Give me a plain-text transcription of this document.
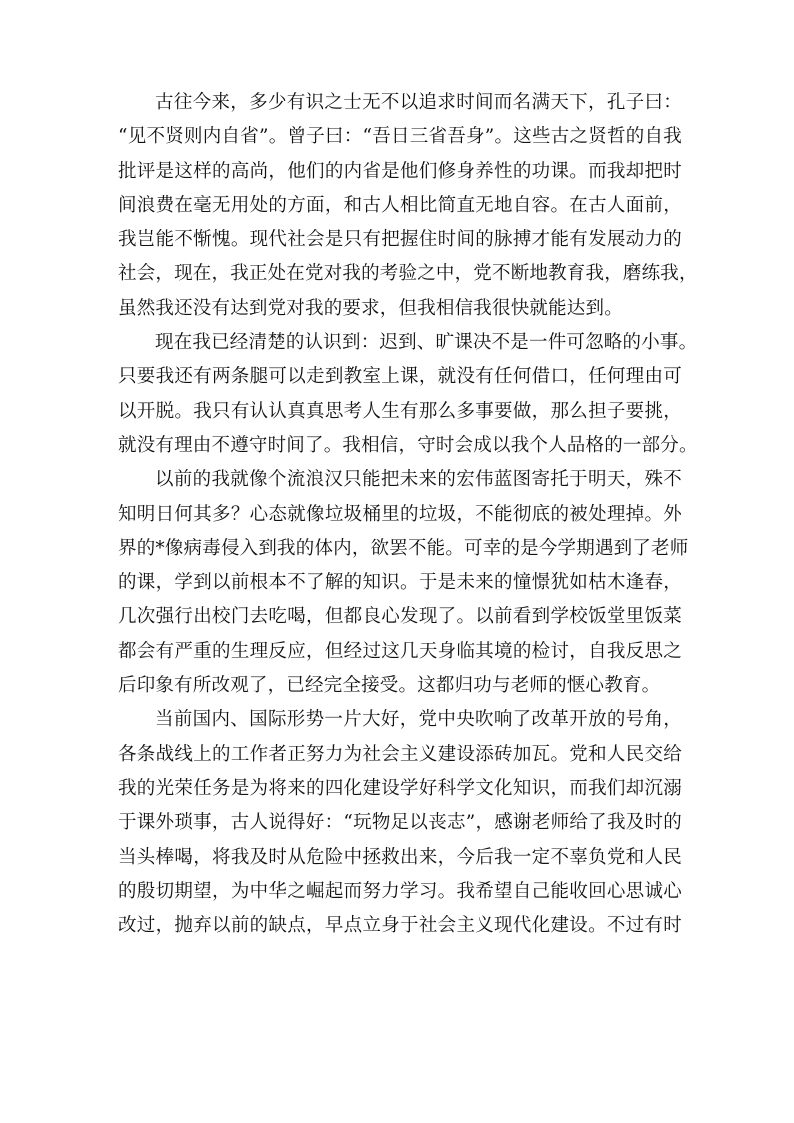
古往今来，多少有识之士无不以追求时间而名满天下，孔子曰：
“见不贤则内自省”。曾子曰：“吾日三省吾身”。这些古之贤哲的自我
批评是这样的高尚，他们的内省是他们修身养性的功课。而我却把时
间浪费在毫无用处的方面，和古人相比简直无地自容。在古人面前，
我岂能不惭愧。现代社会是只有把握住时间的脉搏才能有发展动力的
社会，现在，我正处在党对我的考验之中，党不断地教育我，磨练我，
虽然我还没有达到党对我的要求，但我相信我很快就能达到。
现在我已经清楚的认识到：迟到、旷课决不是一件可忽略的小事。
只要我还有两条腿可以走到教室上课，就没有任何借口，任何理由可
以开脱。我只有认认真真思考人生有那么多事要做，那么担子要挑，
就没有理由不遵守时间了。我相信，守时会成以我个人品格的一部分。
以前的我就像个流浪汉只能把未来的宏伟蓝图寄托于明天，殊不
知明日何其多？心态就像垃圾桶里的垃圾，不能彻底的被处理掉。外
界的*像病毒侵入到我的体内，欲罢不能。可幸的是今学期遇到了老师
的课，学到以前根本不了解的知识。于是未来的憧憬犹如枯木逢春，
几次强行出校门去吃喝，但都良心发现了。以前看到学校饭堂里饭菜
都会有严重的生理反应，但经过这几天身临其境的检讨，自我反思之
后印象有所改观了，已经完全接受。这都归功与老师的惬心教育。
当前国内、国际形势一片大好，党中央吹响了改革开放的号角，
各条战线上的工作者正努力为社会主义建设添砖加瓦。党和人民交给
我的光荣任务是为将来的四化建设学好科学文化知识，而我们却沉溺
于课外琐事，古人说得好：“玩物足以丧志”，感谢老师给了我及时的
当头棒喝，将我及时从危险中拯救出来，今后我一定不辜负党和人民
的殷切期望，为中华之崛起而努力学习。我希望自己能收回心思诚心
改过，抛弃以前的缺点，早点立身于社会主义现代化建设。不过有时
